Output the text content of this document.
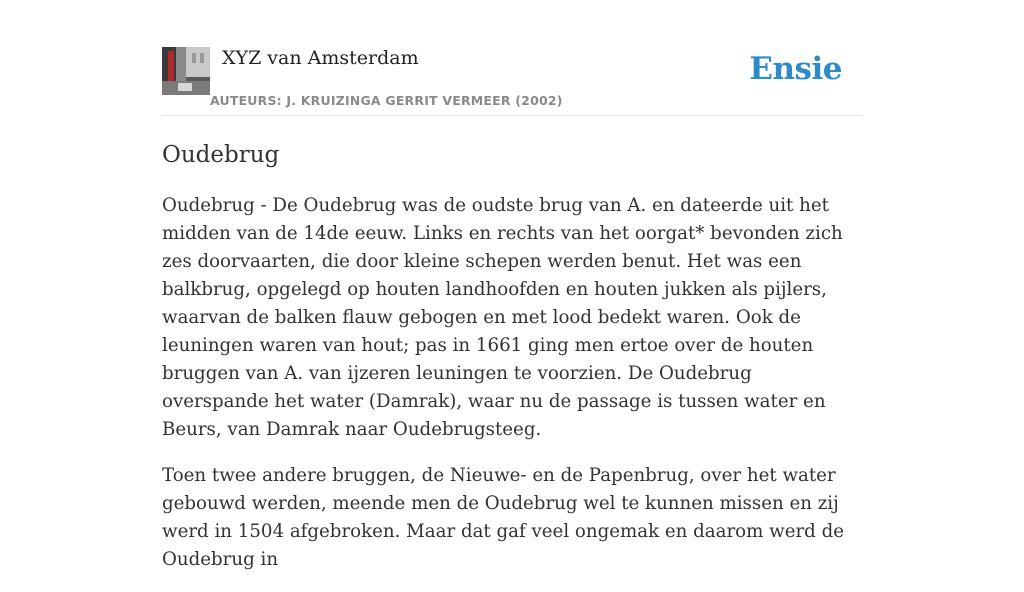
XYZ van Amsterdam
AUTEURS: J. KRUIZINGA GERRIT VERMEER (2002)
Ensie
Oudebrug

Oudebrug - De Oudebrug was de oudste brug van A. en dateerde uit het midden van de 14de eeuw. Links en rechts van het oorgat* bevonden zich zes doorvaarten, die door kleine schepen werden benut. Het was een balkbrug, opgelegd op houten landhoofden en houten jukken als pijlers, waarvan de balken flauw gebogen en met lood bedekt waren. Ook de leuningen waren van hout; pas in 1661 ging men ertoe over de houten bruggen van A. van ijzeren leuningen te voorzien. De Oudebrug overspande het water (Damrak), waar nu de passage is tussen water en Beurs, van Damrak naar Oudebrugsteeg.

Toen twee andere bruggen, de Nieuwe- en de Papenbrug, over het water gebouwd werden, meende men de Oudebrug wel te kunnen missen en zij werd in 1504 afgebroken. Maar dat gaf veel ongemak en daarom werd de Oudebrug in
